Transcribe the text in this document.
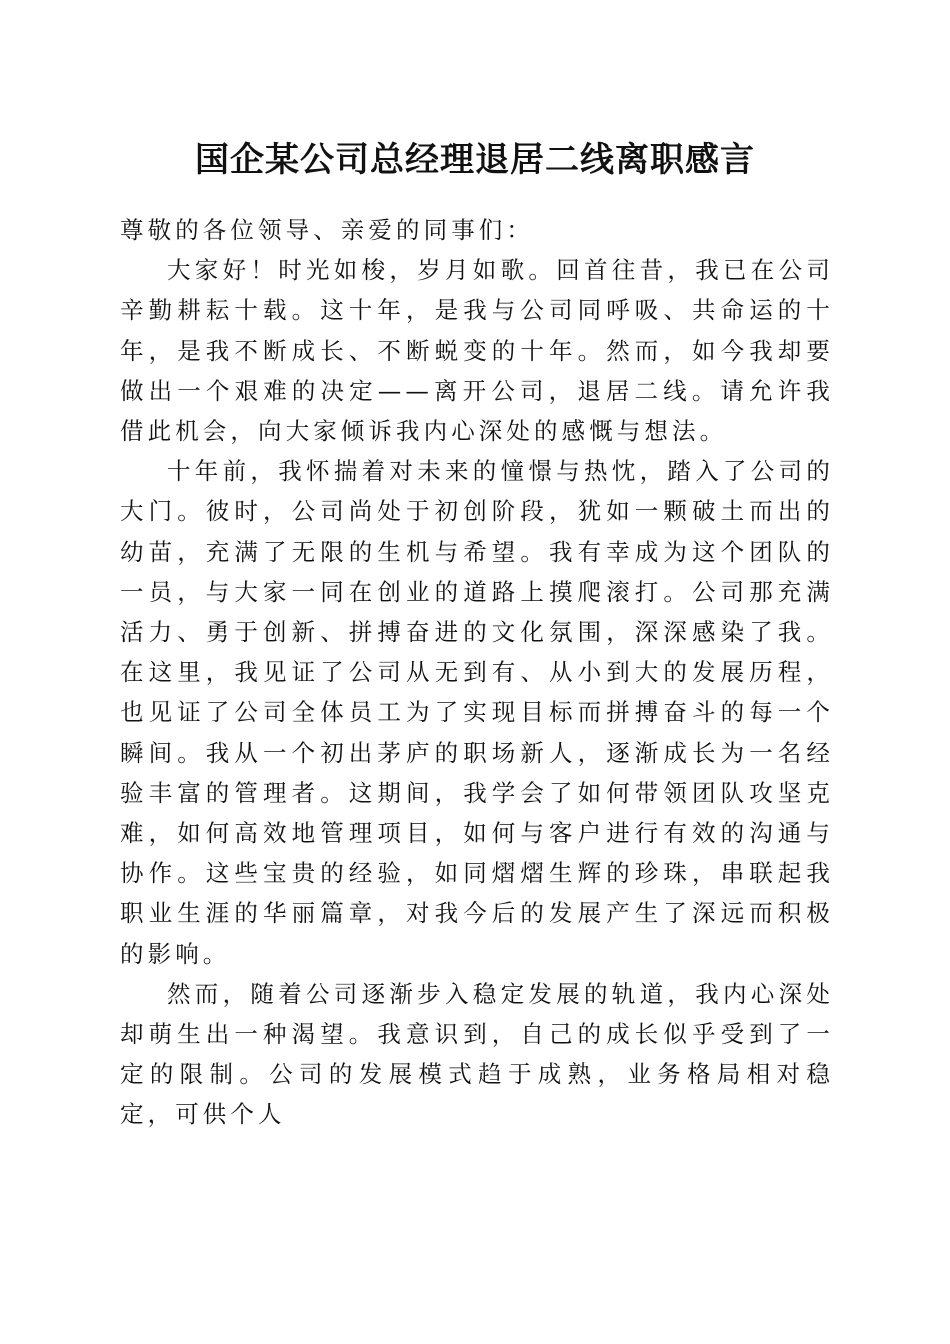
国企某公司总经理退居二线离职感言

尊敬的各位领导、亲爱的同事们：

大家好！时光如梭，岁月如歌。回首往昔，我已在公司辛勤耕耘十载。这十年，是我与公司同呼吸、共命运的十年，是我不断成长、不断蜕变的十年。然而，如今我却要做出一个艰难的决定——离开公司，退居二线。请允许我借此机会，向大家倾诉我内心深处的感慨与想法。

十年前，我怀揣着对未来的憧憬与热忱，踏入了公司的大门。彼时，公司尚处于初创阶段，犹如一颗破土而出的幼苗，充满了无限的生机与希望。我有幸成为这个团队的一员，与大家一同在创业的道路上摸爬滚打。公司那充满活力、勇于创新、拼搏奋进的文化氛围，深深感染了我。在这里，我见证了公司从无到有、从小到大的发展历程，也见证了公司全体员工为了实现目标而拼搏奋斗的每一个瞬间。我从一个初出茅庐的职场新人，逐渐成长为一名经验丰富的管理者。这期间，我学会了如何带领团队攻坚克难，如何高效地管理项目，如何与客户进行有效的沟通与协作。这些宝贵的经验，如同熠熠生辉的珍珠，串联起我职业生涯的华丽篇章，对我今后的发展产生了深远而积极的影响。

然而，随着公司逐渐步入稳定发展的轨道，我内心深处却萌生出一种渴望。我意识到，自己的成长似乎受到了一定的限制。公司的发展模式趋于成熟，业务格局相对稳定，可供个人
